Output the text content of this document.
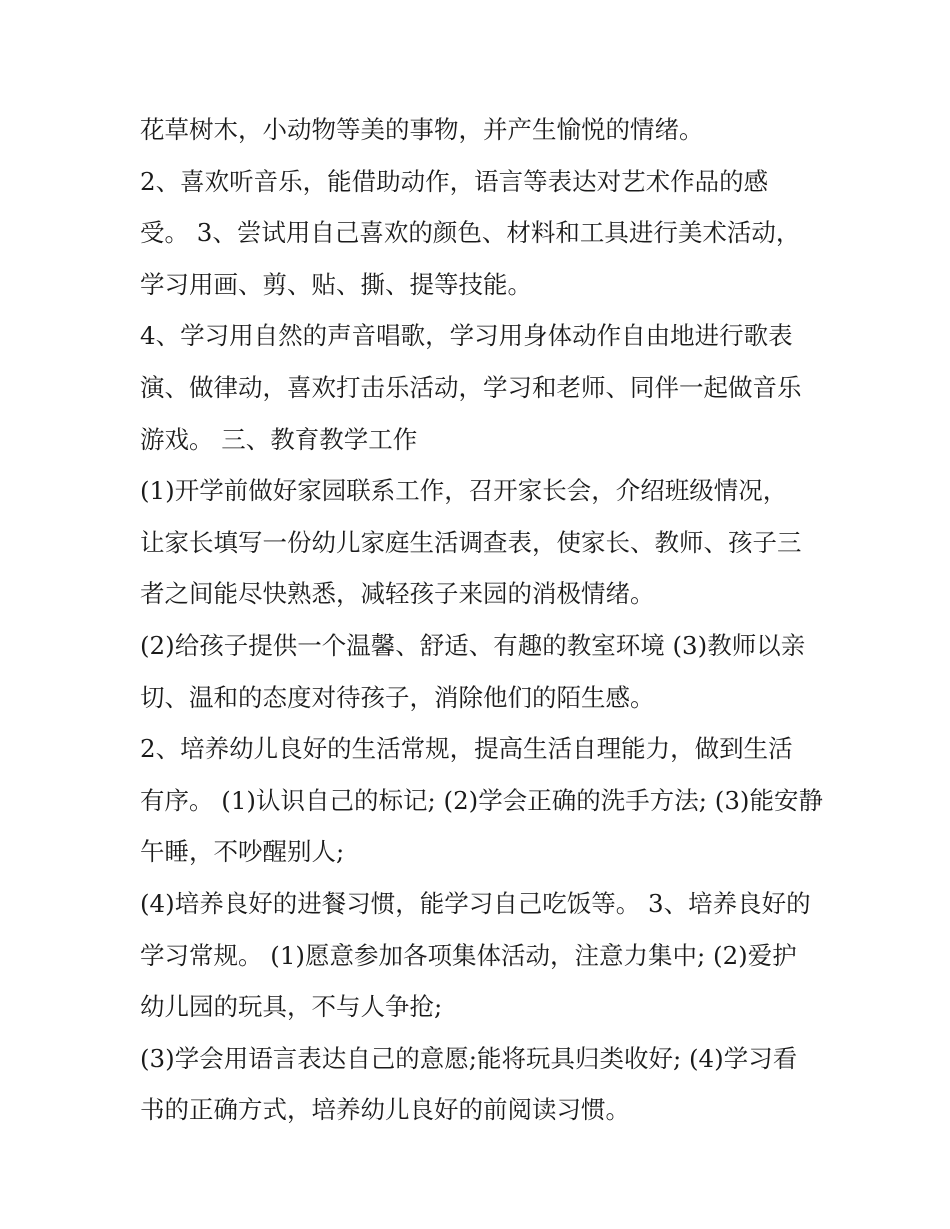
花草树木，小动物等美的事物，并产生愉悦的情绪。
2、喜欢听音乐，能借助动作，语言等表达对艺术作品的感
受。 3、尝试用自己喜欢的颜色、材料和工具进行美术活动，
学习用画、剪、贴、撕、提等技能。
4、学习用自然的声音唱歌，学习用身体动作自由地进行歌表
演、做律动，喜欢打击乐活动，学习和老师、同伴一起做音乐
游戏。 三、教育教学工作
(1)开学前做好家园联系工作，召开家长会，介绍班级情况，
让家长填写一份幼儿家庭生活调查表，使家长、教师、孩子三
者之间能尽快熟悉，减轻孩子来园的消极情绪。
(2)给孩子提供一个温馨、舒适、有趣的教室环境 (3)教师以亲
切、温和的态度对待孩子，消除他们的陌生感。
2、培养幼儿良好的生活常规，提高生活自理能力，做到生活
有序。 (1)认识自己的标记; (2)学会正确的洗手方法; (3)能安静
午睡，不吵醒别人;
(4)培养良好的进餐习惯，能学习自己吃饭等。 3、培养良好的
学习常规。 (1)愿意参加各项集体活动，注意力集中; (2)爱护
幼儿园的玩具，不与人争抢;
(3)学会用语言表达自己的意愿;能将玩具归类收好; (4)学习看
书的正确方式，培养幼儿良好的前阅读习惯。
